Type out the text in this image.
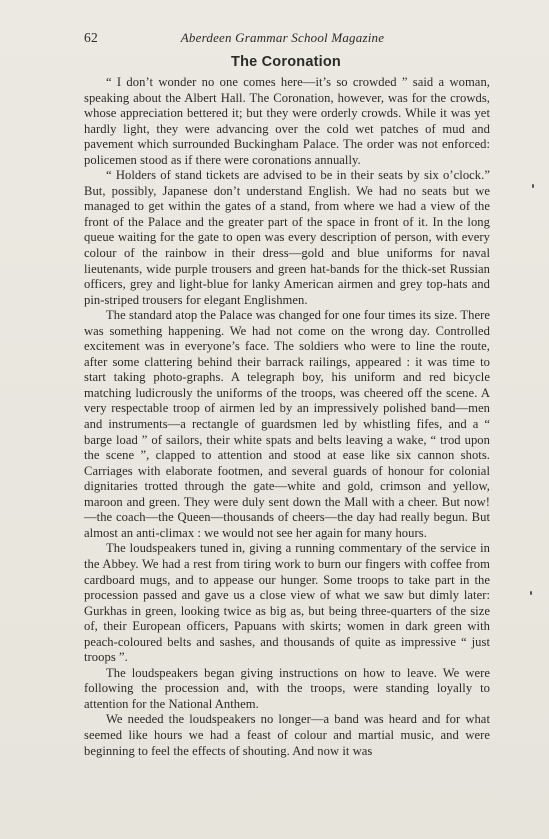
62	Aberdeen Grammar School Magazine
The Coronation

“ I don’t wonder no one comes here—it’s so crowded ” said a woman, speaking about the Albert Hall. The Coronation, however, was for the crowds, whose appreciation bettered it; but they were orderly crowds. While it was yet hardly light, they were advancing over the cold wet patches of mud and pavement which surrounded Buckingham Palace. The order was not enforced: policemen stood as if there were coronations annually.

“ Holders of stand tickets are advised to be in their seats by six o’clock.” But, possibly, Japanese don’t understand English. We had no seats but we managed to get within the gates of a stand, from where we had a view of the front of the Palace and the greater part of the space in front of it. In the long queue waiting for the gate to open was every description of person, with every colour of the rainbow in their dress—gold and blue uniforms for naval lieutenants, wide purple trousers and green hat-bands for the thick-set Russian officers, grey and light-blue for lanky American airmen and grey top-hats and pin-striped trousers for elegant Englishmen.

The standard atop the Palace was changed for one four times its size. There was something happening. We had not come on the wrong day. Controlled excitement was in everyone’s face. The soldiers who were to line the route, after some clattering behind their barrack railings, appeared : it was time to start taking photo-graphs. A telegraph boy, his uniform and red bicycle matching ludicrously the uniforms of the troops, was cheered off the scene. A very respectable troop of airmen led by an impressively polished band—men and instruments—a rectangle of guardsmen led by whistling fifes, and a “ barge load ” of sailors, their white spats and belts leaving a wake, “ trod upon the scene ”, clapped to attention and stood at ease like six cannon shots. Carriages with elaborate footmen, and several guards of honour for colonial dignitaries trotted through the gate—white and gold, crimson and yellow, maroon and green. They were duly sent down the Mall with a cheer. But now!—the coach—the Queen—thousands of cheers—the day had really begun. But almost an anti-climax : we would not see her again for many hours.

The loudspeakers tuned in, giving a running commentary of the service in the Abbey. We had a rest from tiring work to burn our fingers with coffee from cardboard mugs, and to appease our hunger. Some troops to take part in the procession passed and gave us a close view of what we saw but dimly later: Gurkhas in green, looking twice as big as, but being three-quarters of the size of, their European officers, Papuans with skirts; women in dark green with peach-coloured belts and sashes, and thousands of quite as impressive “ just troops ”.

The loudspeakers began giving instructions on how to leave. We were following the procession and, with the troops, were standing loyally to attention for the National Anthem.

We needed the loudspeakers no longer—a band was heard and for what seemed like hours we had a feast of colour and martial music, and were beginning to feel the effects of shouting. And now it was
